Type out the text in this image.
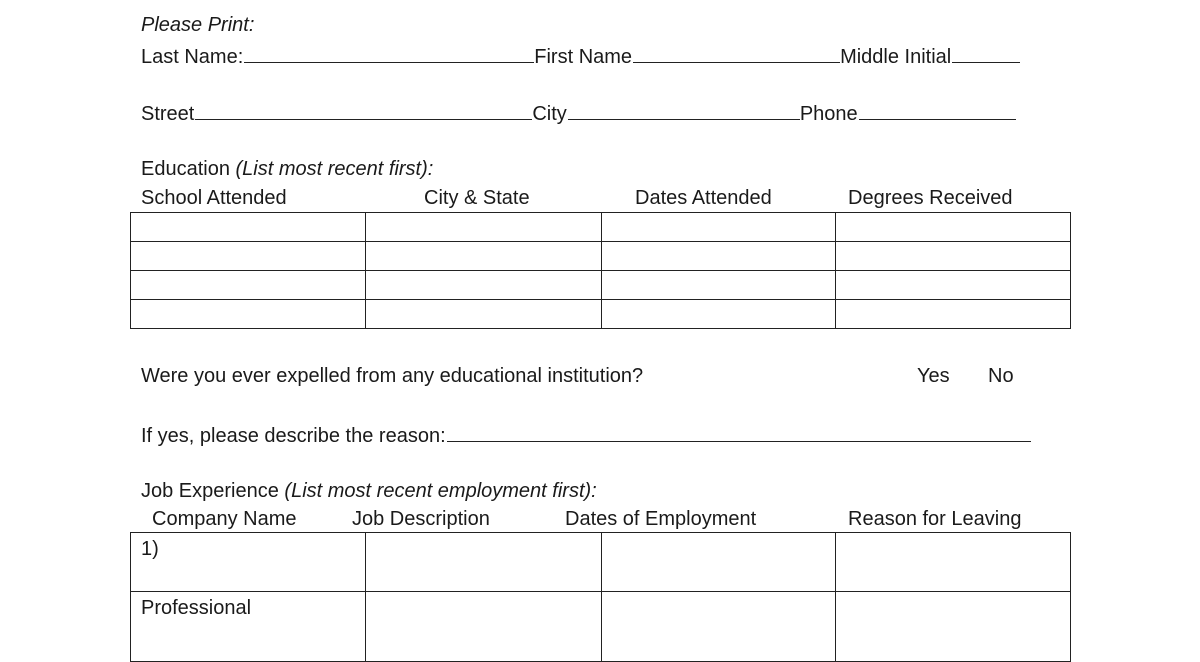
Please Print:
Last Name:	First Name	Middle Initial
Street	City	Phone
Education (List most recent first):
School Attended	City & State	Dates Attended	Degrees Received

Were you ever expelled from any educational institution?	Yes No
If yes, please describe the reason:
Job Experience (List most recent employment first):
Company Name	Job Description	Dates of Employment	Reason for Leaving
1)			

Professional			
